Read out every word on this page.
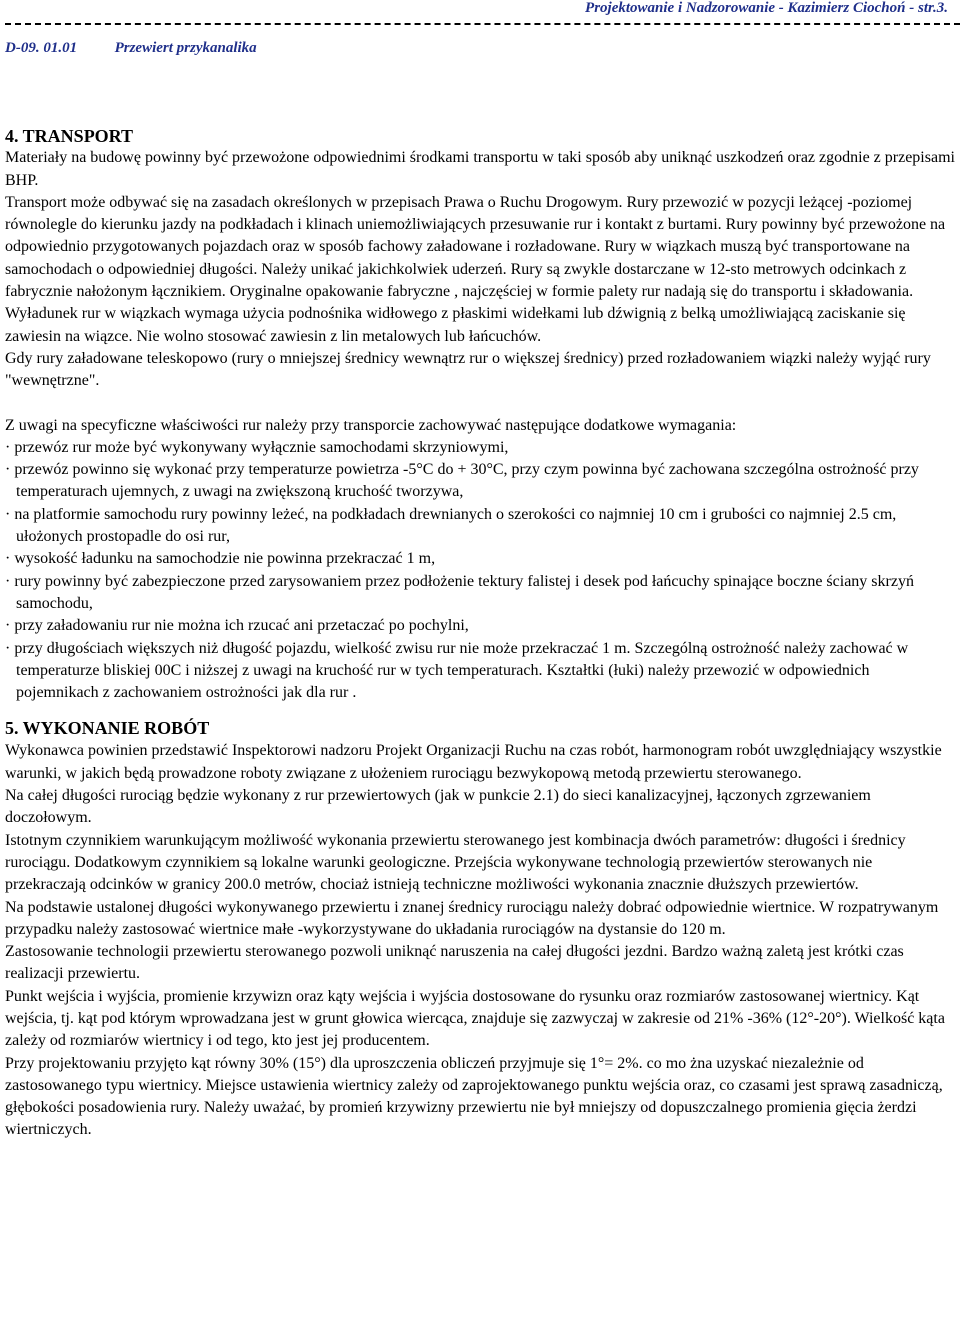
Projektowanie i Nadzorowanie - Kazimierz Ciochoń - str.3.
D-09. 01.01	Przewiert przykanalika

4. TRANSPORT

Materiały na budowę powinny być przewożone odpowiednimi środkami transportu w taki sposób aby uniknąć uszkodzeń oraz zgodnie z przepisami BHP.

Transport może odbywać się na zasadach określonych w przepisach Prawa o Ruchu Drogowym. Rury przewozić w pozycji leżącej -poziomej równolegle do kierunku jazdy na podkładach i klinach uniemożliwiających przesuwanie rur i kontakt z burtami. Rury powinny być przewożone na odpowiednio przygotowanych pojazdach oraz w sposób fachowy załadowane i rozładowane. Rury w wiązkach muszą być transportowane na samochodach o odpowiedniej długości. Należy unikać jakichkolwiek uderzeń. Rury są zwykle dostarczane w 12-sto metrowych odcinkach z fabrycznie nałożonym łącznikiem. Oryginalne opakowanie fabryczne , najczęściej w formie palety rur nadają się do transportu i składowania.

Wyładunek rur w wiązkach wymaga użycia podnośnika widłowego z płaskimi widełkami lub dźwignią z belką umożliwiającą zaciskanie się zawiesin na wiązce. Nie wolno stosować zawiesin z lin metalowych lub łańcuchów.

Gdy rury załadowane teleskopowo (rury o mniejszej średnicy wewnątrz rur o większej średnicy) przed rozładowaniem wiązki należy wyjąć rury "wewnętrzne".

Z uwagi na specyficzne właściwości rur należy przy transporcie zachowywać następujące dodatkowe wymagania:

· przewóz rur może być wykonywany wyłącznie samochodami skrzyniowymi,

· przewóz powinno się wykonać przy temperaturze powietrza -5°C do + 30°C, przy czym powinna być zachowana szczególna ostrożność przy temperaturach ujemnych, z uwagi na zwiększoną kruchość tworzywa,

· na platformie samochodu rury powinny leżeć, na podkładach drewnianych o szerokości co najmniej 10 cm i grubości co najmniej 2.5 cm, ułożonych prostopadle do osi rur,

· wysokość ładunku na samochodzie nie powinna przekraczać 1 m,

· rury powinny być zabezpieczone przed zarysowaniem przez podłożenie tektury falistej i desek pod łańcuchy spinające boczne ściany skrzyń samochodu,

· przy załadowaniu rur nie można ich rzucać ani przetaczać po pochylni,

· przy długościach większych niż długość pojazdu, wielkość zwisu rur nie może przekraczać 1 m. Szczególną ostrożność należy zachować w temperaturze bliskiej 00C i niższej z uwagi na kruchość rur w tych temperaturach. Kształtki (łuki) należy przewozić w odpowiednich pojemnikach z zachowaniem ostrożności jak dla rur .

5. WYKONANIE ROBÓT

Wykonawca powinien przedstawić Inspektorowi nadzoru Projekt Organizacji Ruchu na czas robót, harmonogram robót uwzględniający wszystkie warunki, w jakich będą prowadzone roboty związane z ułożeniem rurociągu bezwykopową metodą przewiertu sterowanego.

Na całej długości rurociąg będzie wykonany z rur przewiertowych (jak w punkcie 2.1) do sieci kanalizacyjnej, łączonych zgrzewaniem doczołowym.

Istotnym czynnikiem warunkującym możliwość wykonania przewiertu sterowanego jest kombinacja dwóch parametrów: długości i średnicy rurociągu. Dodatkowym czynnikiem są lokalne warunki geologiczne. Przejścia wykonywane technologią przewiertów sterowanych nie przekraczają odcinków w granicy 200.0 metrów, chociaż istnieją techniczne możliwości wykonania znacznie dłuższych przewiertów.

Na podstawie ustalonej długości wykonywanego przewiertu i znanej średnicy rurociągu należy dobrać odpowiednie wiertnice. W rozpatrywanym przypadku należy zastosować wiertnice małe -wykorzystywane do układania rurociągów na dystansie do 120 m.

Zastosowanie technologii przewiertu sterowanego pozwoli uniknąć naruszenia na całej długości jezdni. Bardzo ważną zaletą jest krótki czas realizacji przewiertu.

Punkt wejścia i wyjścia, promienie krzywizn oraz kąty wejścia i wyjścia dostosowane do rysunku oraz rozmiarów zastosowanej wiertnicy. Kąt wejścia, tj. kąt pod którym wprowadzana jest w grunt głowica wiercąca, znajduje się zazwyczaj w zakresie od 21% -36% (12°-20°). Wielkość kąta zależy od rozmiarów wiertnicy i od tego, kto jest jej producentem.

Przy projektowaniu przyjęto kąt równy 30% (15°) dla uproszczenia obliczeń przyjmuje się 1°= 2%. co mo żna uzyskać niezależnie od zastosowanego typu wiertnicy. Miejsce ustawienia wiertnicy zależy od zaprojektowanego punktu wejścia oraz, co czasami jest sprawą zasadniczą, głębokości posadowienia rury. Należy uważać, by promień krzywizny przewiertu nie był mniejszy od dopuszczalnego promienia gięcia żerdzi wiertniczych.
